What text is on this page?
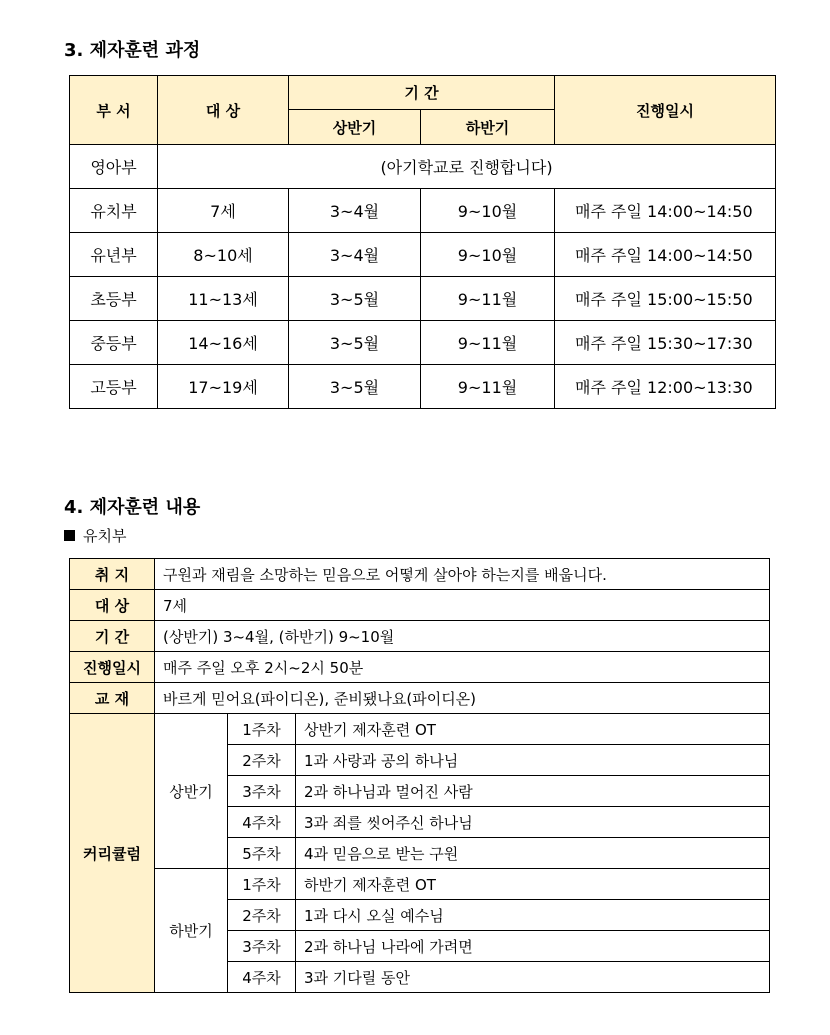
3. 제자훈련 과정
부 서	대 상	기 간		진행일시
		상반기	하반기	
영아부	(아기학교로 진행합니다)			
유치부	7세	3~4월	9~10월	매주 주일 14:00~14:50
유년부	8~10세	3~4월	9~10월	매주 주일 14:00~14:50
초등부	11~13세	3~5월	9~11월	매주 주일 15:00~15:50
중등부	14~16세	3~5월	9~11월	매주 주일 15:30~17:30
고등부	17~19세	3~5월	9~11월	매주 주일 12:00~13:30
4. 제자훈련 내용
유치부
취 지	구원과 재림을 소망하는 믿음으로 어떻게 살아야 하는지를 배웁니다.		
대 상	7세		
기 간	(상반기) 3~4월, (하반기) 9~10월		
진행일시	매주 주일 오후 2시~2시 50분		
교 재	바르게 믿어요(파이디온), 준비됐나요(파이디온)		
커리큘럼	상반기	1주차	상반기 제자훈련 OT
		2주차	1과 사랑과 공의 하나님
		3주차	2과 하나님과 멀어진 사람
		4주차	3과 죄를 씻어주신 하나님
		5주차	4과 믿음으로 받는 구원
	하반기	1주차	하반기 제자훈련 OT
		2주차	1과 다시 오실 예수님
		3주차	2과 하나님 나라에 가려면
		4주차	3과 기다릴 동안
